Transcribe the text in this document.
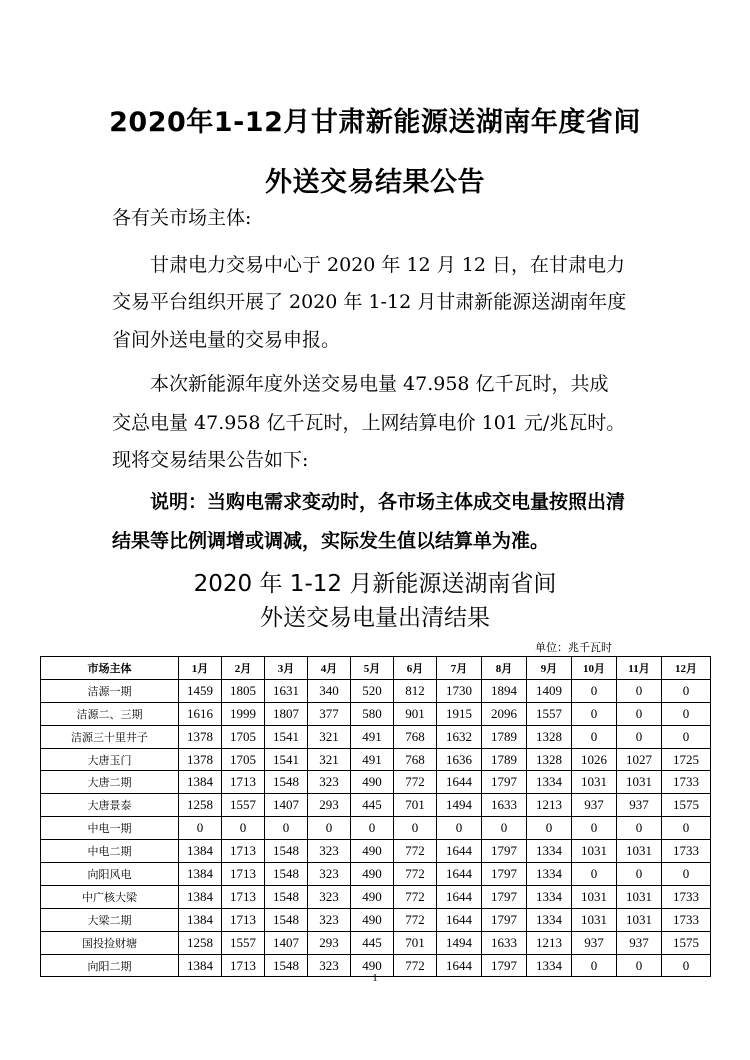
2020年1-12月甘肃新能源送湖南年度省间
外送交易结果公告
各有关市场主体:
甘肃电力交易中心于 2020 年 12 月 12 日，在甘肃电力
交易平台组织开展了 2020 年 1-12 月甘肃新能源送湖南年度
省间外送电量的交易申报。
本次新能源年度外送交易电量 47.958 亿千瓦时，共成
交总电量 47.958 亿千瓦时，上网结算电价 101 元/兆瓦时。
现将交易结果公告如下:
说明：当购电需求变动时，各市场主体成交电量按照出清
结果等比例调增或调减，实际发生值以结算单为准。
2020 年 1-12 月新能源送湖南省间
外送交易电量出清结果
单位：兆千瓦时
市场主体	1月	2月	3月	4月	5月	6月	7月	8月	9月	10月	11月	12月
洁源一期	1459	1805	1631	340	520	812	1730	1894	1409	0	0	0
洁源二、三期	1616	1999	1807	377	580	901	1915	2096	1557	0	0	0
洁源三十里井子	1378	1705	1541	321	491	768	1632	1789	1328	0	0	0
大唐玉门	1378	1705	1541	321	491	768	1636	1789	1328	1026	1027	1725
大唐二期	1384	1713	1548	323	490	772	1644	1797	1334	1031	1031	1733
大唐景泰	1258	1557	1407	293	445	701	1494	1633	1213	937	937	1575
中电一期	0	0	0	0	0	0	0	0	0	0	0	0
中电二期	1384	1713	1548	323	490	772	1644	1797	1334	1031	1031	1733
向阳风电	1384	1713	1548	323	490	772	1644	1797	1334	0	0	0
中广核大梁	1384	1713	1548	323	490	772	1644	1797	1334	1031	1031	1733
大梁二期	1384	1713	1548	323	490	772	1644	1797	1334	1031	1031	1733
国投捡财塘	1258	1557	1407	293	445	701	1494	1633	1213	937	937	1575
向阳二期	1384	1713	1548	323	490	772	1644	1797	1334	0	0	0
1
